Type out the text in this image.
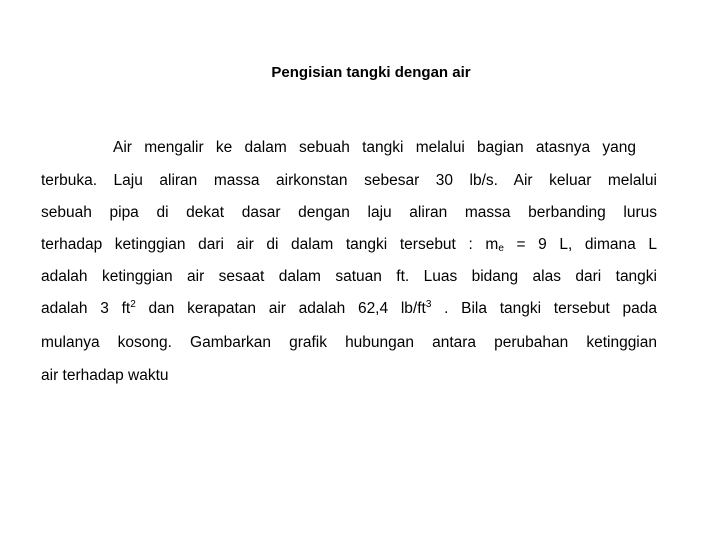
Pengisian tangki dengan air
Air mengalir ke dalam sebuah tangki melalui bagian atasnya yang
terbuka. Laju aliran massa airkonstan sebesar 30 lb/s. Air keluar melalui
sebuah pipa di dekat dasar dengan laju aliran massa berbanding lurus
terhadap ketinggian dari air di dalam tangki tersebut : $m_e = 9$ L, dimana L
adalah ketinggian air sesaat dalam satuan ft. Luas bidang alas dari tangki
adalah 3 $ft^2$ dan kerapatan air adalah 62,4 $lb/ft^3$ . Bila tangki tersebut pada
mulanya kosong. Gambarkan grafik hubungan antara perubahan ketinggian
air terhadap waktu
